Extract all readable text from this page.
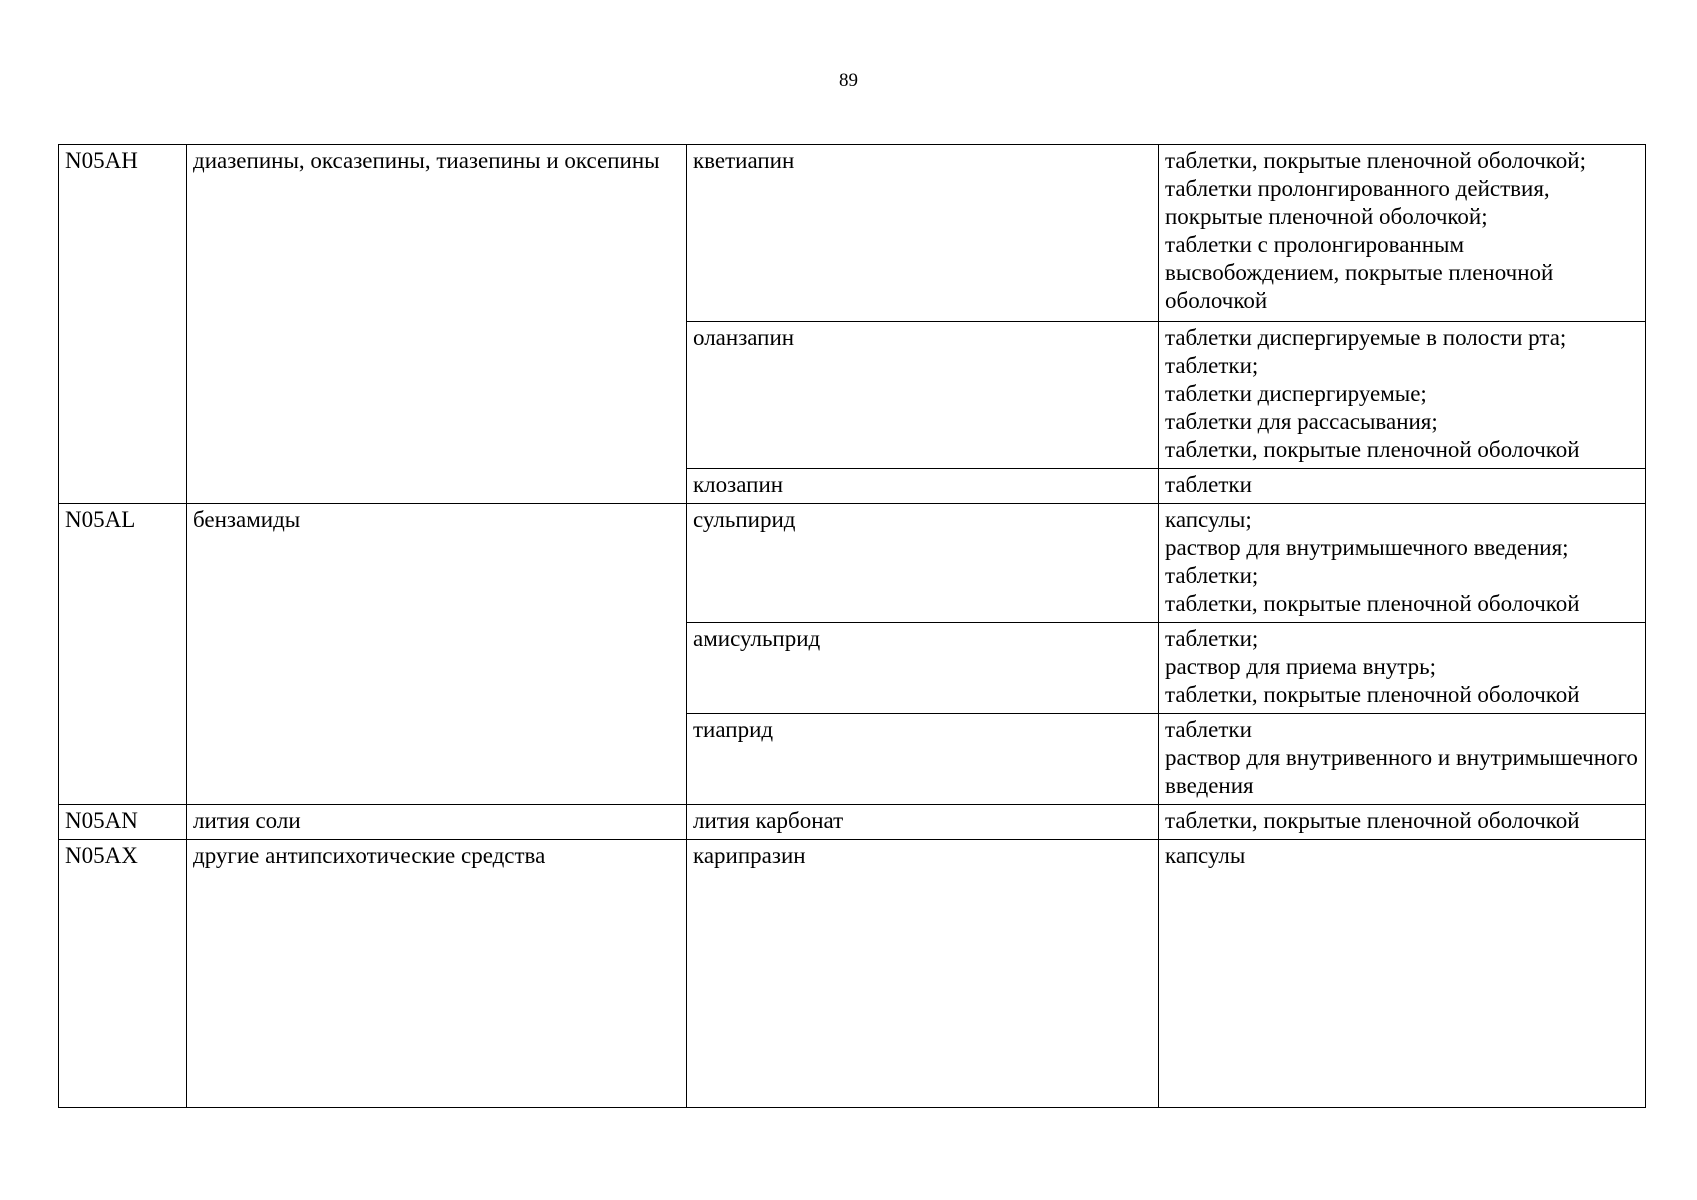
89
N05AH	диазепины, оксазепины, тиазепины и оксепины	кветиапин	таблетки, покрытые пленочной оболочкой;
таблетки пролонгированного действия, покрытые пленочной оболочкой;
таблетки с пролонгированным высвобождением, покрытые пленочной оболочкой

		оланзапин	таблетки диспергируемые в полости рта;
таблетки;
таблетки диспергируемые;
таблетки для рассасывания;
таблетки, покрытые пленочной оболочкой

		клозапин	таблетки

N05AL	бензамиды	сульпирид	капсулы;
раствор для внутримышечного введения;
таблетки;
таблетки, покрытые пленочной оболочкой

		амисульприд	таблетки;
раствор для приема внутрь;
таблетки, покрытые пленочной оболочкой

		тиаприд	таблетки
раствор для внутривенного и внутримышечного введения

N05AN	лития соли	лития карбонат	таблетки, покрытые пленочной оболочкой

N05AX	другие антипсихотические средства	карипразин	капсулы
